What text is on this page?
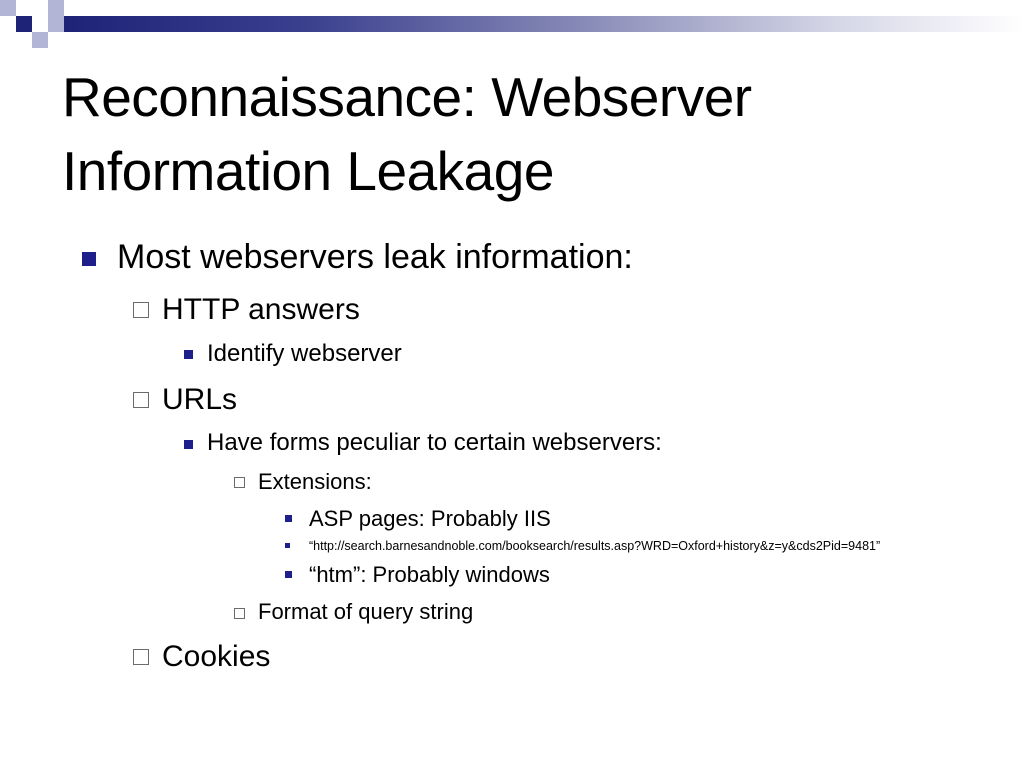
Reconnaissance: Webserver
Information Leakage
Most webservers leak information:
HTTP answers
Identify webserver
URLs
Have forms peculiar to certain webservers:
Extensions:
ASP pages: Probably IIS
“http://search.barnesandnoble.com/booksearch/results.asp?WRD=Oxford+history&z=y&cds2Pid=9481”
“htm”: Probably windows
Format of query string
Cookies
